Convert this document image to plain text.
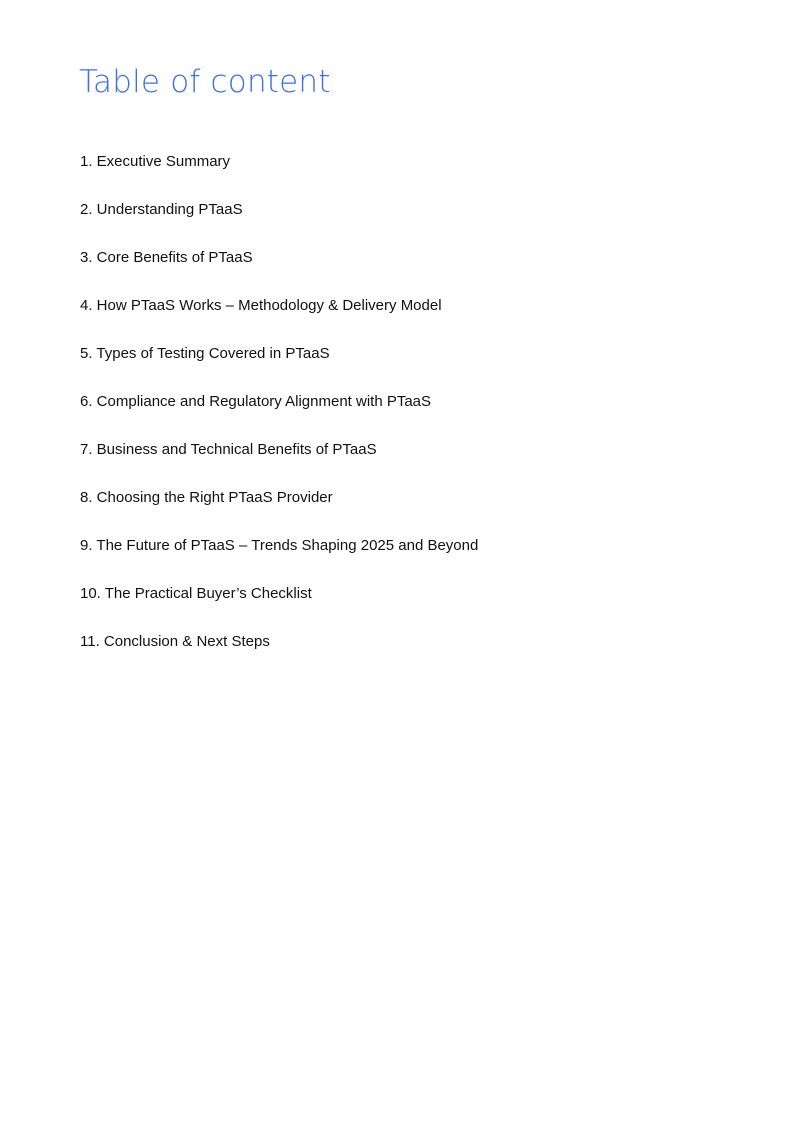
Table of content
1. Executive Summary
2. Understanding PTaaS
3. Core Benefits of PTaaS
4. How PTaaS Works – Methodology & Delivery Model
5. Types of Testing Covered in PTaaS
6. Compliance and Regulatory Alignment with PTaaS
7. Business and Technical Benefits of PTaaS
8. Choosing the Right PTaaS Provider
9. The Future of PTaaS – Trends Shaping 2025 and Beyond
10. The Practical Buyer’s Checklist
11. Conclusion & Next Steps
